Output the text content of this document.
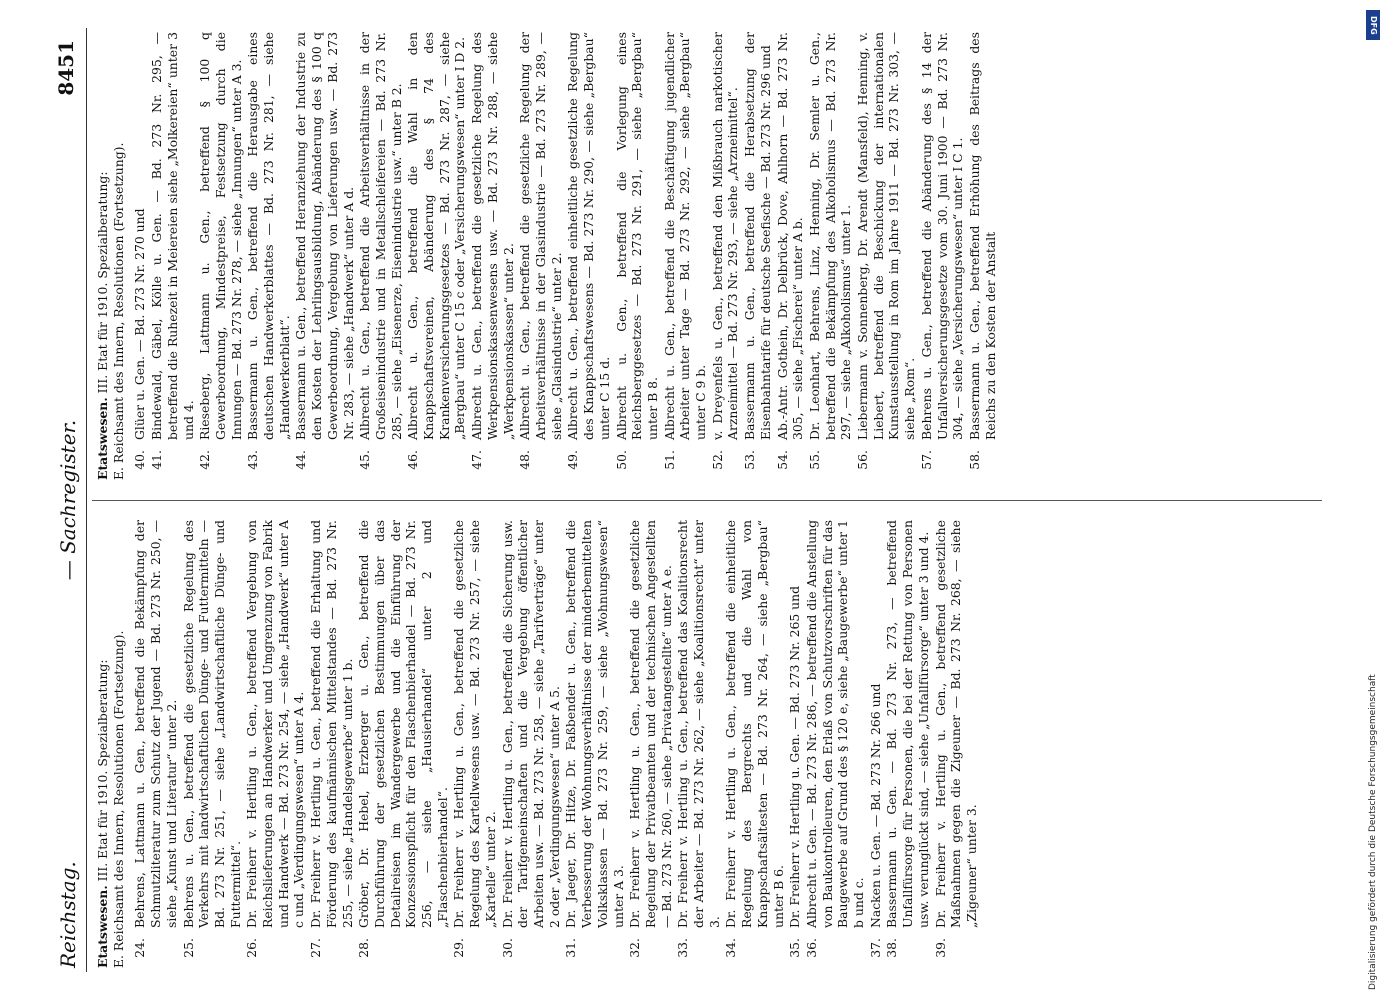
Reichstag.
— Sachregister.
8451
Etatswesen. III. Etat für 1910. Spezialberatung:
E. Reichsamt des Innern, Resolutionen (Fortsetzung). 24.
Behrens, Lattmann u. Gen., betreffend die Bekämpfung der Schmutzliteratur zum Schutz der Jugend — Bd. 273 Nr. 250, — siehe „Kunst und Literatur“ unter 2.
25.
Behrens u. Gen., betreffend die gesetzliche Regelung des Verkehrs mit landwirtschaftlichen Dünge- und Futtermitteln — Bd. 273 Nr. 251, — siehe „Landwirtschaftliche Dünge- und Futtermittel“.
26.
Dr. Freiherr v. Hertling u. Gen., betreffend Vergebung von Reichslieferungen an Handwerker und Umgrenzung von Fabrik und Handwerk — Bd. 273 Nr. 254, — siehe „Handwerk“ unter A c und „Verdingungswesen“ unter A 4.
27.
Dr. Freiherr v. Hertling u. Gen., betreffend die Erhaltung und Förderung des kaufmännischen Mittelstandes — Bd. 273 Nr. 255, — siehe „Handelsgewerbe“ unter 1 b.
28.
Gröber, Dr. Hebel, Erzberger u. Gen., betreffend die Durchführung der gesetzlichen Bestimmungen über das Detailreisen im Wandergewerbe und die Einführung der Konzessionspflicht für den Flaschenbierhandel — Bd. 273 Nr. 256, — siehe „Hausierhandel“ unter 2 und „Flaschenbierhandel“.
29.
Dr. Freiherr v. Hertling u. Gen., betreffend die gesetzliche Regelung des Kartellwesens usw. — Bd. 273 Nr. 257, — siehe „Kartelle“ unter 2.
30.
Dr. Freiherr v. Hertling u. Gen., betreffend die Sicherung usw. der Tarifgemeinschaften und die Vergebung öffentlicher Arbeiten usw. — Bd. 273 Nr. 258, — siehe „Tarifverträge“ unter 2 oder „Verdingungswesen“ unter A 5.
31.
Dr. Jaeger, Dr. Hitze, Dr. Faßbender u. Gen., betreffend die Verbesserung der Wohnungsverhältnisse der minderbemittelten Volksklassen — Bd. 273 Nr. 259, — siehe „Wohnungswesen“ unter A 3.
32.
Dr. Freiherr v. Hertling u. Gen., betreffend die gesetzliche Regelung der Privatbeamten und der technischen Angestellten — Bd. 273 Nr. 260, — siehe „Privatangestellte“ unter A e.
33.
Dr. Freiherr v. Hertling u. Gen., betreffend das Koalitionsrecht der Arbeiter — Bd. 273 Nr. 262, — siehe „Koalitionsrecht“ unter 3.
34.
Dr. Freiherr v. Hertling u. Gen., betreffend die einheitliche Regelung des Bergrechts und die Wahl von Knappschaftsältesten — Bd. 273 Nr. 264, — siehe „Bergbau“ unter B 6.
35.
Dr. Freiherr v. Hertling u. Gen. — Bd. 273 Nr. 265 und
36.
Albrecht u. Gen. — Bd. 273 Nr. 286, — betreffend die Anstellung von Baukontrolleuren, den Erlaß von Schutzvorschriften für das Baugewerbe auf Grund des § 120 e, siehe „Baugewerbe“ unter 1 b und c.
37.
Nacken u. Gen. — Bd. 273 Nr. 266 und
38.
Bassermann u. Gen. — Bd. 273 Nr. 273, — betreffend Unfallfürsorge für Personen, die bei der Rettung von Personen usw. verunglückt sind, — siehe „Unfallfürsorge“ unter 3 und 4.
39.
Dr. Freiherr v. Hertling u. Gen., betreffend gesetzliche Maßnahmen gegen die Zigeuner — Bd. 273 Nr. 268, — siehe „Zigeuner“ unter 3.
Etatswesen. III. Etat für 1910. Spezialberatung:
E. Reichsamt des Innern, Resolutionen (Fortsetzung). 40.
Glüer u. Gen. — Bd. 273 Nr. 270 und
41.
Bindewald, Gäbel, Kölle u. Gen. — Bd. 273 Nr. 295, — betreffend die Ruhezeit in Meiereien siehe „Molkereien“ unter 3 und 4.
42.
Rieseberg, Lattmann u. Gen., betreffend § 100 q Gewerbeordnung, Mindestpreise, Festsetzung durch die Innungen — Bd. 273 Nr. 278, — siehe „Innungen“ unter A 3.
43.
Bassermann u. Gen., betreffend die Herausgabe eines deutschen Handwerkerblattes — Bd. 273 Nr. 281, — siehe „Handwerkerblatt“.
44.
Bassermann u. Gen., betreffend Heranziehung der Industrie zu den Kosten der Lehrlingsausbildung, Abänderung des § 100 q Gewerbeordnung, Vergebung von Lieferungen usw. — Bd. 273 Nr. 283, — siehe „Handwerk“ unter A d.
45.
Albrecht u. Gen., betreffend die Arbeitsverhältnisse in der Großeisenindustrie und in Metallschleifereien — Bd. 273 Nr. 285, — siehe „Eisenerze, Eisenindustrie usw.“ unter B 2.
46.
Albrecht u. Gen., betreffend die Wahl in den Knappschaftsvereinen, Abänderung des § 74 des Krankenversicherungsgesetzes — Bd. 273 Nr. 287, — siehe „Bergbau“ unter C 15 c oder „Versicherungswesen“ unter I D 2.
47.
Albrecht u. Gen., betreffend die gesetzliche Regelung des Werkpensionskassenwesens usw. — Bd. 273 Nr. 288, — siehe „Werkpensionskassen“ unter 2.
48.
Albrecht u. Gen., betreffend die gesetzliche Regelung der Arbeitsverhältnisse in der Glasindustrie — Bd. 273 Nr. 289, — siehe „Glasindustrie“ unter 2.
49.
Albrecht u. Gen., betreffend einheitliche gesetzliche Regelung des Knappschaftswesens — Bd. 273 Nr. 290, — siehe „Bergbau“ unter C 15 d.
50.
Albrecht u. Gen., betreffend die Vorlegung eines Reichsberggesetzes — Bd. 273 Nr. 291, — siehe „Bergbau“ unter B 8.
51.
Albrecht u. Gen., betreffend die Beschäftigung jugendlicher Arbeiter unter Tage — Bd. 273 Nr. 292, — siehe „Bergbau“ unter C 9 b.
52.
v. Dreyenfels u. Gen., betreffend den Mißbrauch narkotischer Arzneimittel — Bd. 273 Nr. 293, — siehe „Arzneimittel“.
53.
Bassermann u. Gen., betreffend die Herabsetzung der Eisenbahntarife für deutsche Seefische — Bd. 273 Nr. 296 und
54.
Ab.-Antr. Gothein, Dr. Delbrück, Dove, Ahlhorn — Bd. 273 Nr. 305, — siehe „Fischerei“ unter A b.
55.
Dr. Leonhart, Behrens, Linz, Henning, Dr. Semler u. Gen., betreffend die Bekämpfung des Alkoholismus — Bd. 273 Nr. 297, — siehe „Alkoholismus“ unter 1.
56.
Liebermann v. Sonnenberg, Dr. Arendt (Mansfeld), Henning, v. Liebert, betreffend die Beschickung der internationalen Kunstausstellung in Rom im Jahre 1911 — Bd. 273 Nr. 303, — siehe „Rom“.
57.
Behrens u. Gen., betreffend die Abänderung des § 14 der Unfallversicherungsgesetze vom 30. Juni 1900 — Bd. 273 Nr. 304, — siehe „Versicherungswesen“ unter I C 1.
58.
Bassermann u. Gen., betreffend Erhöhung des Beitrags des Reichs zu den Kosten der Anstalt
Digitalisierung gefördert durch die Deutsche Forschungsgemeinschaft
DFG
